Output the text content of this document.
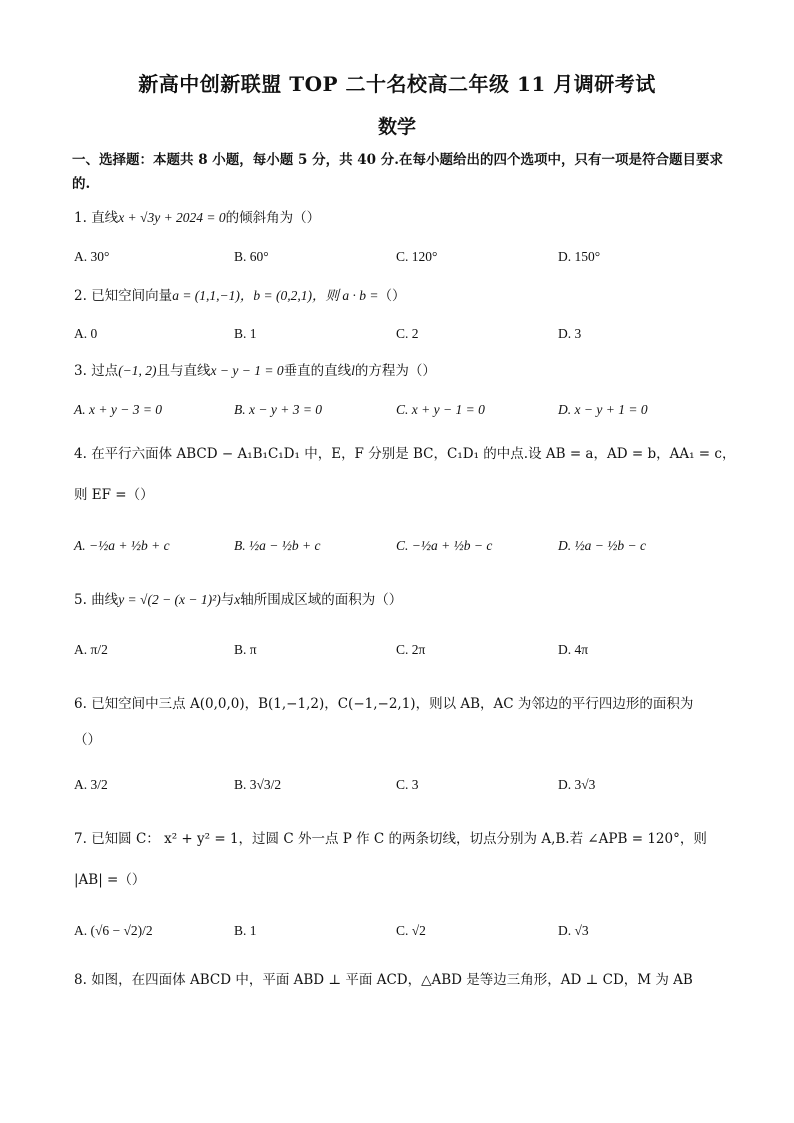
新高中创新联盟 TOP 二十名校高二年级 11 月调研考试
数学
一、选择题：本题共 8 小题，每小题 5 分，共 40 分.在每小题给出的四个选项中，只有一项是符合题目要求的.
1. 直线x + √3y + 2024 = 0的倾斜角为（）
A. 30°	B. 60°	C. 120°	D. 150°
2. 已知空间向量a = (1,1,−1)，b = (0,2,1)，则 a · b =（）
A. 0	B. 1	C. 2	D. 3
3. 过点(−1, 2)且与直线x − y − 1 = 0垂直的直线l的方程为（）
A. x + y − 3 = 0	B. x − y + 3 = 0	C. x + y − 1 = 0	D. x − y + 1 = 0
4. 在平行六面体 ABCD − A₁B₁C₁D₁ 中，E，F 分别是 BC，C₁D₁ 的中点.设 AB = a，AD = b，AA₁ = c，
则 EF =（）
A. −½a + ½b + c	B. ½a − ½b + c	C. −½a + ½b − c	D. ½a − ½b − c
5. 曲线y = √(2 − (x − 1)²)与x轴所围成区域的面积为（）
A. π/2	B. π	C. 2π	D. 4π
6. 已知空间中三点 A(0,0,0)，B(1,−1,2)，C(−1,−2,1)，则以 AB，AC 为邻边的平行四边形的面积为
（）
A. 3/2	B. 3√3/2	C. 3	D. 3√3
7. 已知圆 C： x² + y² = 1，过圆 C 外一点 P 作 C 的两条切线，切点分别为 A,B.若 ∠APB = 120°，则
|AB| =（）
A. (√6 − √2)/2	B. 1	C. √2	D. √3
8. 如图，在四面体 ABCD 中，平面 ABD ⊥ 平面 ACD，△ABD 是等边三角形，AD ⊥ CD，M 为 AB
